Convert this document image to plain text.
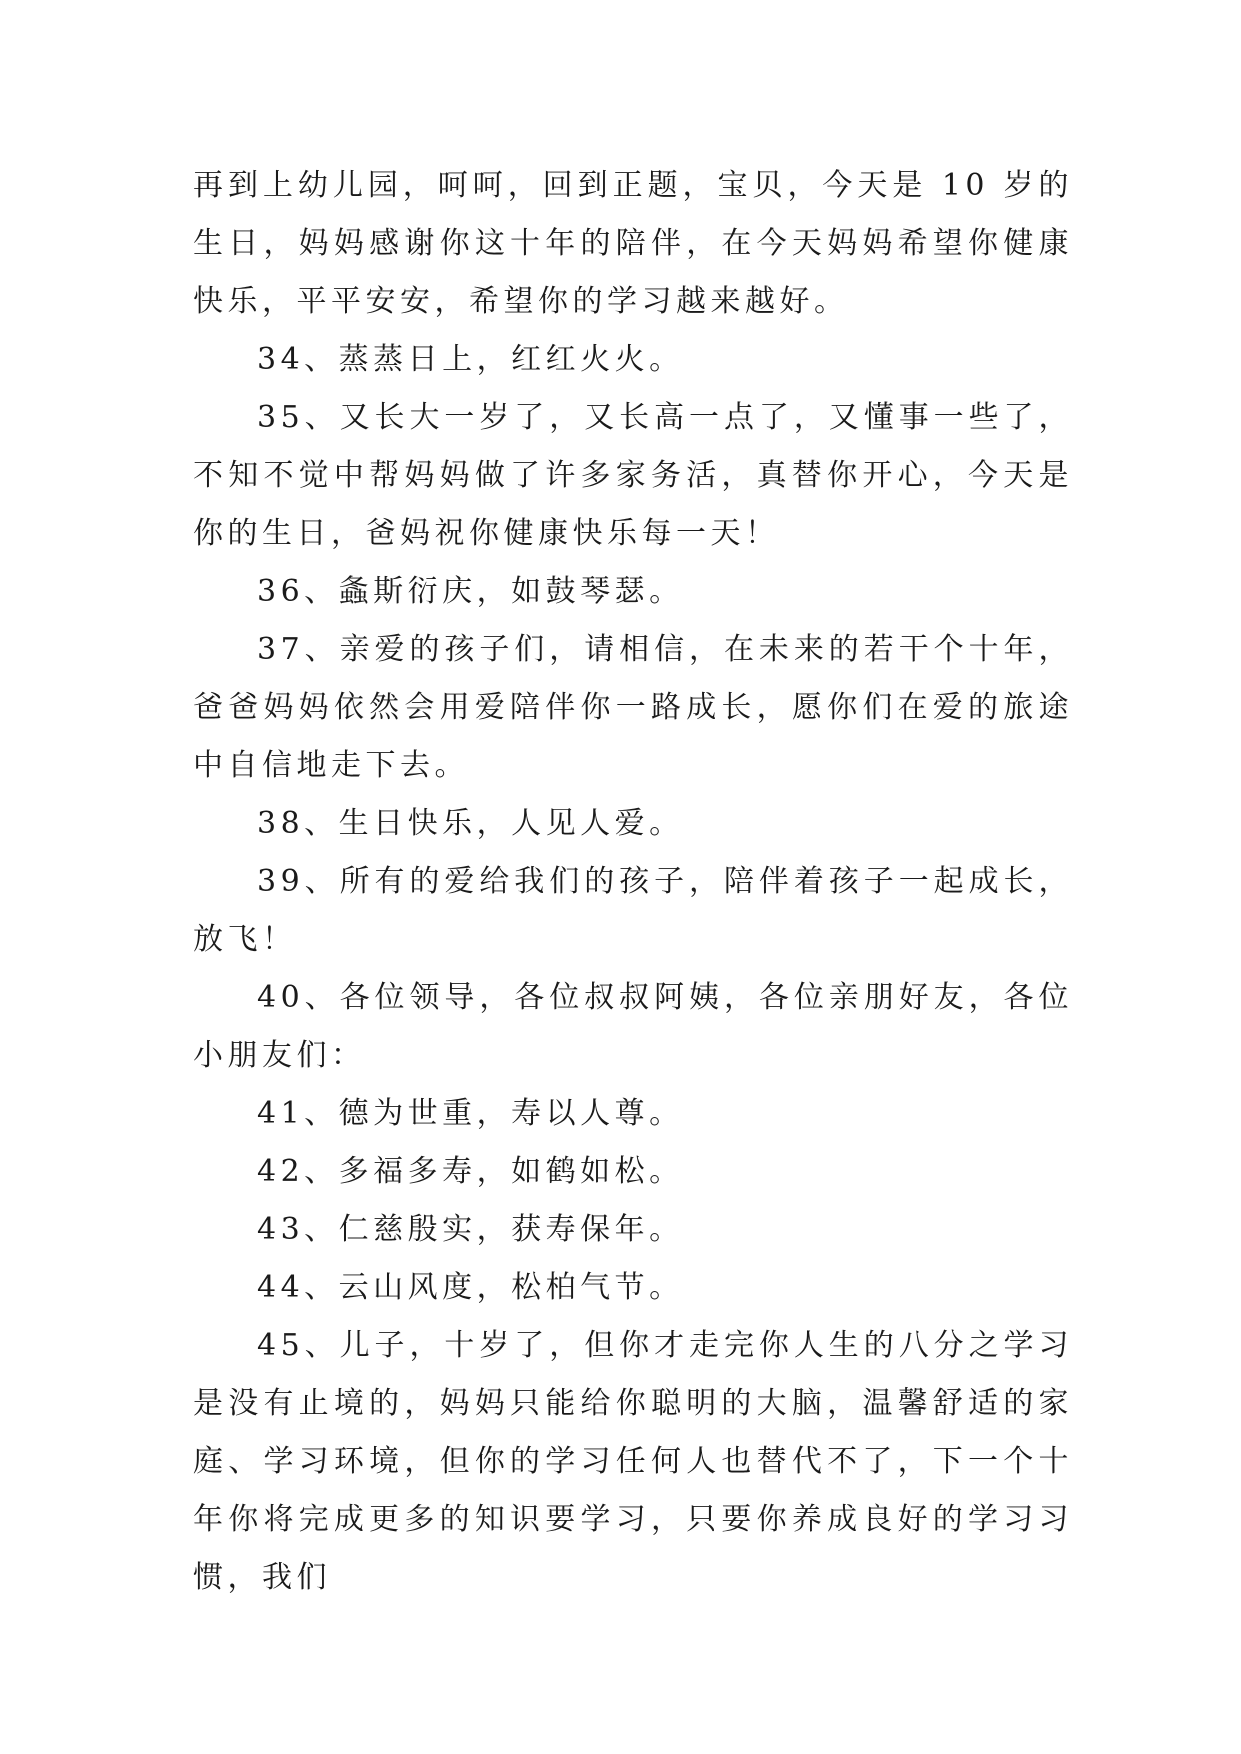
再到上幼儿园，呵呵，回到正题，宝贝，今天是 10 岁的生日，妈妈感谢你这十年的陪伴，在今天妈妈希望你健康快乐，平平安安，希望你的学习越来越好。

34、蒸蒸日上，红红火火。

35、又长大一岁了，又长高一点了，又懂事一些了，不知不觉中帮妈妈做了许多家务活，真替你开心，今天是你的生日，爸妈祝你健康快乐每一天！

36、螽斯衍庆，如鼓琴瑟。

37、亲爱的孩子们，请相信，在未来的若干个十年，爸爸妈妈依然会用爱陪伴你一路成长，愿你们在爱的旅途中自信地走下去。

38、生日快乐，人见人爱。

39、所有的爱给我们的孩子，陪伴着孩子一起成长，放飞！

40、各位领导，各位叔叔阿姨，各位亲朋好友，各位小朋友们：

41、德为世重，寿以人尊。

42、多福多寿，如鹤如松。

43、仁慈殷实，获寿保年。

44、云山风度，松柏气节。

45、儿子，十岁了，但你才走完你人生的八分之学习是没有止境的，妈妈只能给你聪明的大脑，温馨舒适的家庭、学习环境，但你的学习任何人也替代不了，下一个十年你将完成更多的知识要学习，只要你养成良好的学习习惯，我们
